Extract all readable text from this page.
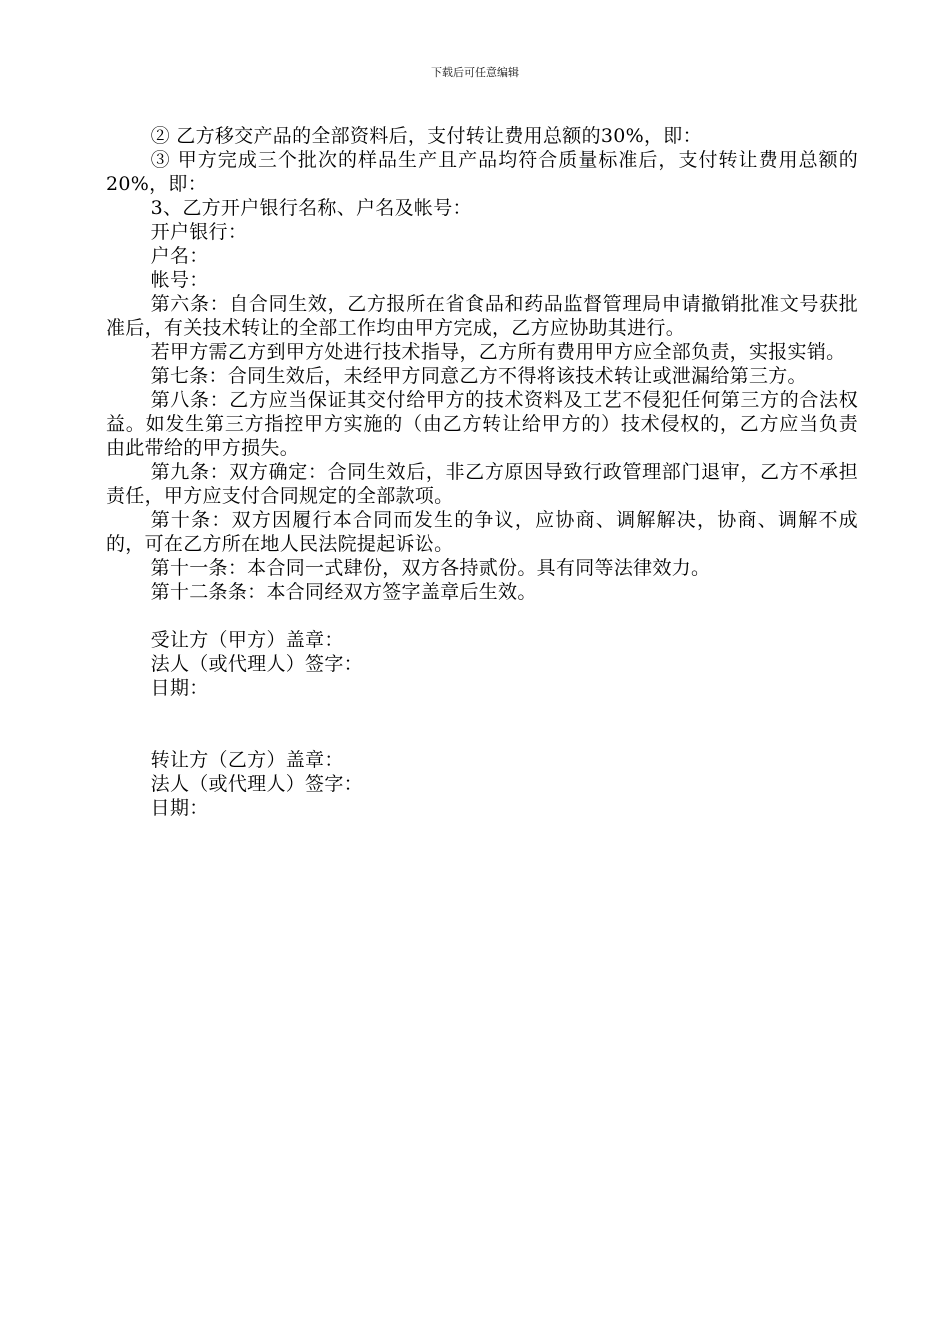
下载后可任意编辑

② 乙方移交产品的全部资料后，支付转让费用总额的30%，即：

③ 甲方完成三个批次的样品生产且产品均符合质量标准后，支付转让费用总额的20%，即：

3、乙方开户银行名称、户名及帐号：

开户银行：

户名：

帐号：

第六条：自合同生效，乙方报所在省食品和药品监督管理局申请撤销批准文号获批准后，有关技术转让的全部工作均由甲方完成，乙方应协助其进行。

若甲方需乙方到甲方处进行技术指导，乙方所有费用甲方应全部负责，实报实销。

第七条：合同生效后，未经甲方同意乙方不得将该技术转让或泄漏给第三方。

第八条：乙方应当保证其交付给甲方的技术资料及工艺不侵犯任何第三方的合法权益。如发生第三方指控甲方实施的（由乙方转让给甲方的）技术侵权的，乙方应当负责由此带给的甲方损失。

第九条：双方确定：合同生效后，非乙方原因导致行政管理部门退审，乙方不承担责任，甲方应支付合同规定的全部款项。

第十条：双方因履行本合同而发生的争议，应协商、调解解决，协商、调解不成的，可在乙方所在地人民法院提起诉讼。

第十一条：本合同一式肆份，双方各持贰份。具有同等法律效力。

第十二条条：本合同经双方签字盖章后生效。

受让方（甲方）盖章：

法人（或代理人）签字：

日期：

转让方（乙方）盖章：

法人（或代理人）签字：

日期：
